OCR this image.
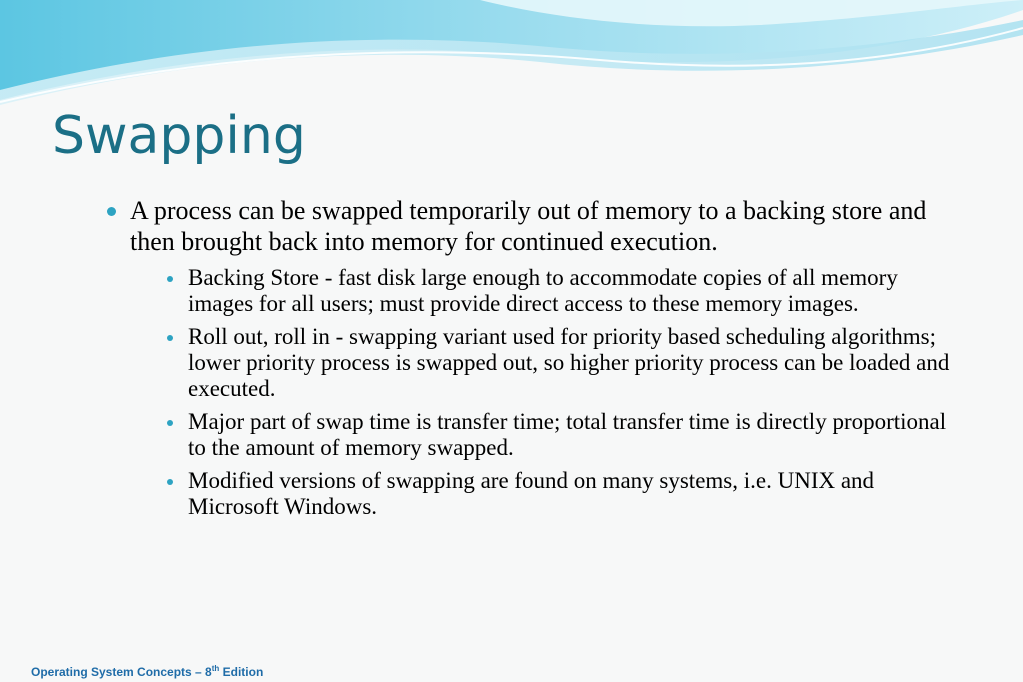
Swapping
A process can be swapped temporarily out of memory to a backing store and then brought back into memory for continued execution.
Backing Store - fast disk large enough to accommodate copies of all memory images for all users; must provide direct access to these memory images.
Roll out, roll in - swapping variant used for priority based scheduling algorithms; lower priority process is swapped out, so higher priority process can be loaded and executed.
Major part of swap time is transfer time; total transfer time is directly proportional to the amount of memory swapped.
Modified versions of swapping are found on many systems, i.e. UNIX and Microsoft Windows.
Operating System Concepts – 8th Edition
